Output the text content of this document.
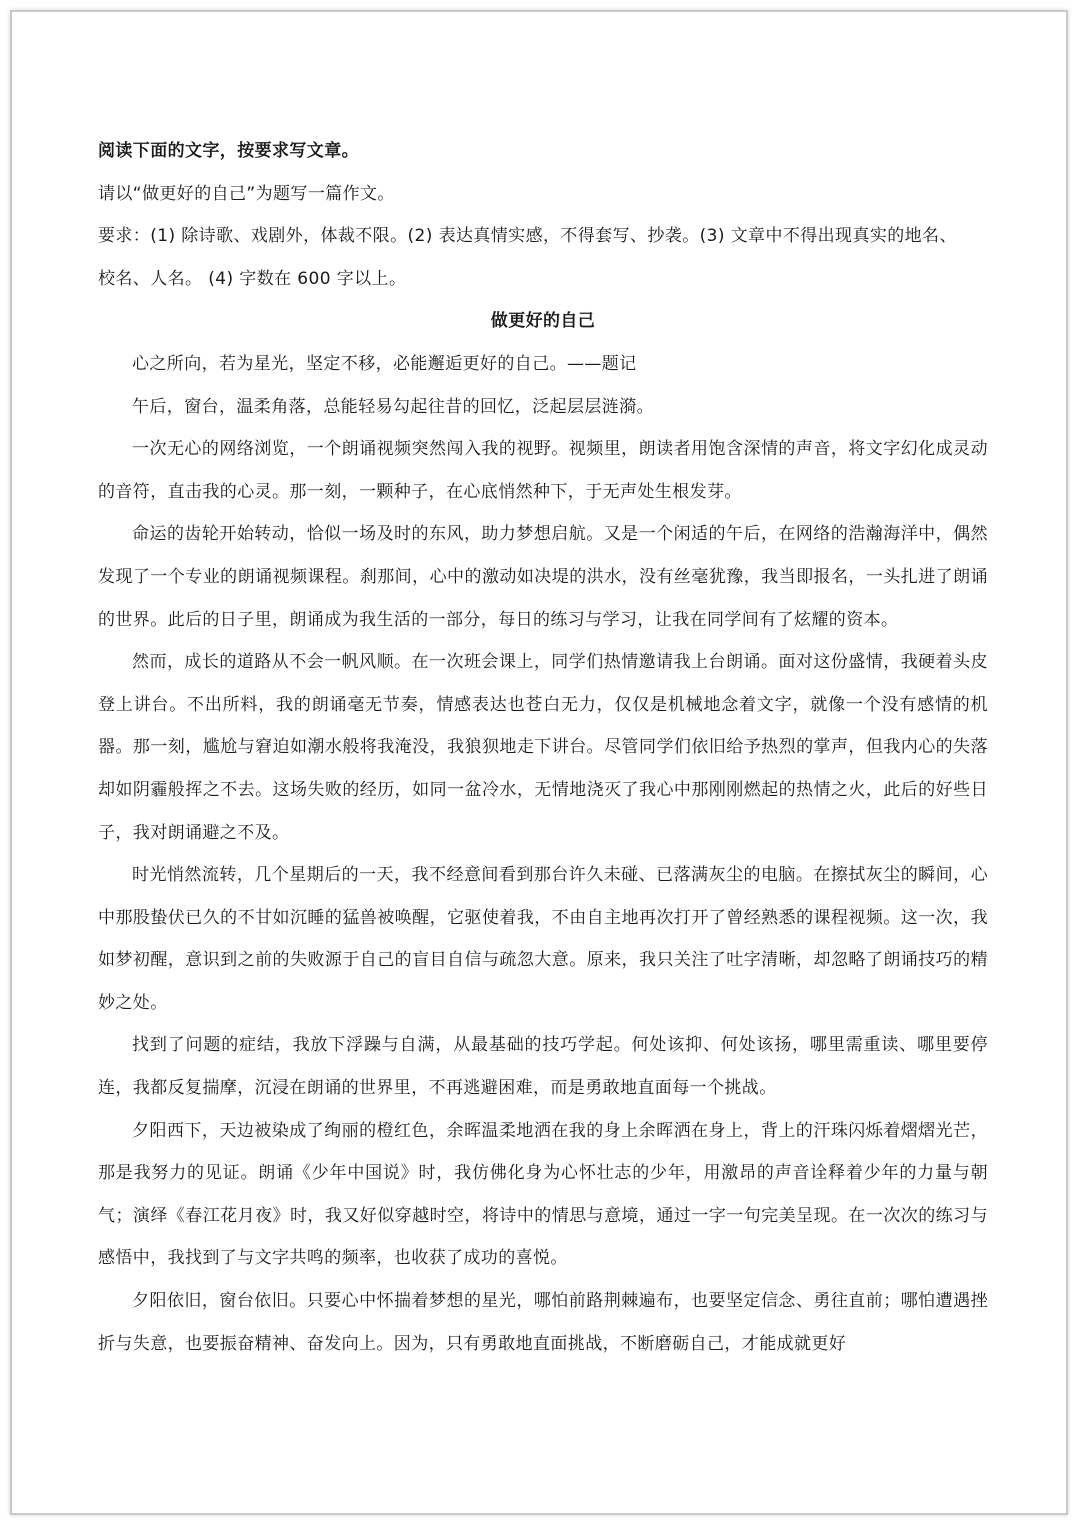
阅读下面的文字，按要求写文章。

请以“做更好的自己”为题写一篇作文。

要求：(1) 除诗歌、戏剧外，体裁不限。(2) 表达真情实感，不得套写、抄袭。(3) 文章中不得出现真实的地名、

校名、人名。 (4) 字数在 600 字以上。

做更好的自己

心之所向，若为星光，坚定不移，必能邂逅更好的自己。——题记

午后，窗台，温柔角落，总能轻易勾起往昔的回忆，泛起层层涟漪。

一次无心的网络浏览，一个朗诵视频突然闯入我的视野。视频里，朗读者用饱含深情的声音，将文字幻化成灵动的音符，直击我的心灵。那一刻，一颗种子，在心底悄然种下，于无声处生根发芽。

命运的齿轮开始转动，恰似一场及时的东风，助力梦想启航。又是一个闲适的午后，在网络的浩瀚海洋中，偶然发现了一个专业的朗诵视频课程。刹那间，心中的激动如决堤的洪水，没有丝毫犹豫，我当即报名，一头扎进了朗诵的世界。此后的日子里，朗诵成为我生活的一部分，每日的练习与学习，让我在同学间有了炫耀的资本。

然而，成长的道路从不会一帆风顺。在一次班会课上，同学们热情邀请我上台朗诵。面对这份盛情，我硬着头皮登上讲台。不出所料，我的朗诵毫无节奏，情感表达也苍白无力，仅仅是机械地念着文字，就像一个没有感情的机器。那一刻，尴尬与窘迫如潮水般将我淹没，我狼狈地走下讲台。尽管同学们依旧给予热烈的掌声，但我内心的失落却如阴霾般挥之不去。这场失败的经历，如同一盆冷水，无情地浇灭了我心中那刚刚燃起的热情之火，此后的好些日子，我对朗诵避之不及。

时光悄然流转，几个星期后的一天，我不经意间看到那台许久未碰、已落满灰尘的电脑。在擦拭灰尘的瞬间，心中那股蛰伏已久的不甘如沉睡的猛兽被唤醒，它驱使着我，不由自主地再次打开了曾经熟悉的课程视频。这一次，我如梦初醒，意识到之前的失败源于自己的盲目自信与疏忽大意。原来，我只关注了吐字清晰，却忽略了朗诵技巧的精妙之处。

找到了问题的症结，我放下浮躁与自满，从最基础的技巧学起。何处该抑、何处该扬，哪里需重读、哪里要停连，我都反复揣摩，沉浸在朗诵的世界里，不再逃避困难，而是勇敢地直面每一个挑战。

夕阳西下，天边被染成了绚丽的橙红色，余晖温柔地洒在我的身上余晖洒在身上，背上的汗珠闪烁着熠熠光芒，那是我努力的见证。朗诵《少年中国说》时，我仿佛化身为心怀壮志的少年，用激昂的声音诠释着少年的力量与朝气；演绎《春江花月夜》时，我又好似穿越时空，将诗中的情思与意境，通过一字一句完美呈现。在一次次的练习与感悟中，我找到了与文字共鸣的频率，也收获了成功的喜悦。

夕阳依旧，窗台依旧。只要心中怀揣着梦想的星光，哪怕前路荆棘遍布，也要坚定信念、勇往直前；哪怕遭遇挫折与失意，也要振奋精神、奋发向上。因为，只有勇敢地直面挑战，不断磨砺自己，才能成就更好
